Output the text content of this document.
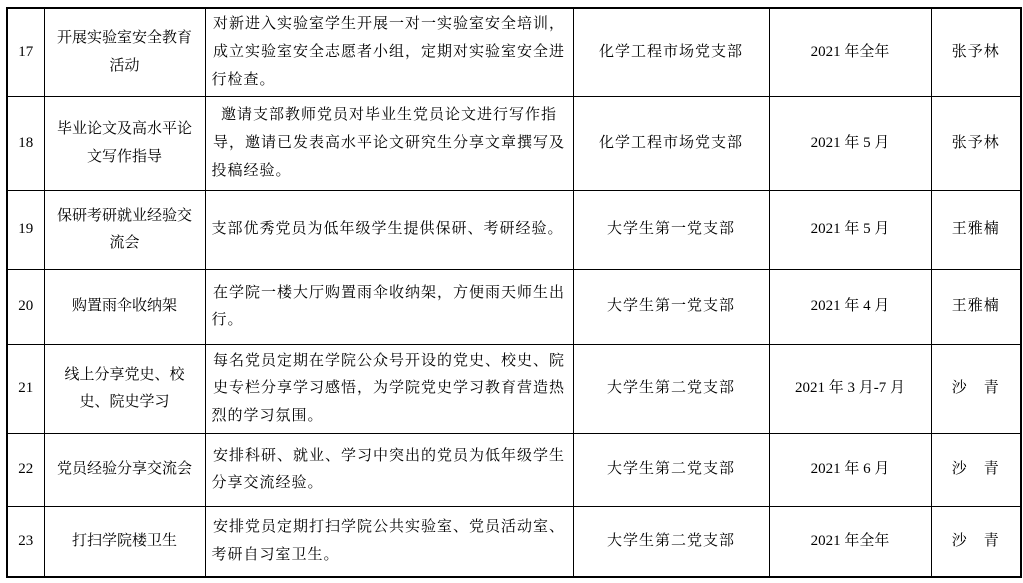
17	开展实验室安全教育活动	对新进入实验室学生开展一对一实验室安全培训，成立实验室安全志愿者小组，定期对实验室安全进行检查。	化学工程市场党支部	2021 年全年	张予林
18	毕业论文及高水平论文写作指导	邀请支部教师党员对毕业生党员论文进行写作指导，邀请已发表高水平论文研究生分享文章撰写及投稿经验。	化学工程市场党支部	2021 年 5 月	张予林
19	保研考研就业经验交流会	支部优秀党员为低年级学生提供保研、考研经验。	大学生第一党支部	2021 年 5 月	王雅楠
20	购置雨伞收纳架	在学院一楼大厅购置雨伞收纳架，方便雨天师生出行。	大学生第一党支部	2021 年 4 月	王雅楠
21	线上分享党史、校史、院史学习	每名党员定期在学院公众号开设的党史、校史、院史专栏分享学习感悟，为学院党史学习教育营造热烈的学习氛围。	大学生第二党支部	2021 年 3 月-7 月	沙　青
22	党员经验分享交流会	安排科研、就业、学习中突出的党员为低年级学生分享交流经验。	大学生第二党支部	2021 年 6 月	沙　青
23	打扫学院楼卫生	安排党员定期打扫学院公共实验室、党员活动室、考研自习室卫生。	大学生第二党支部	2021 年全年	沙　青
